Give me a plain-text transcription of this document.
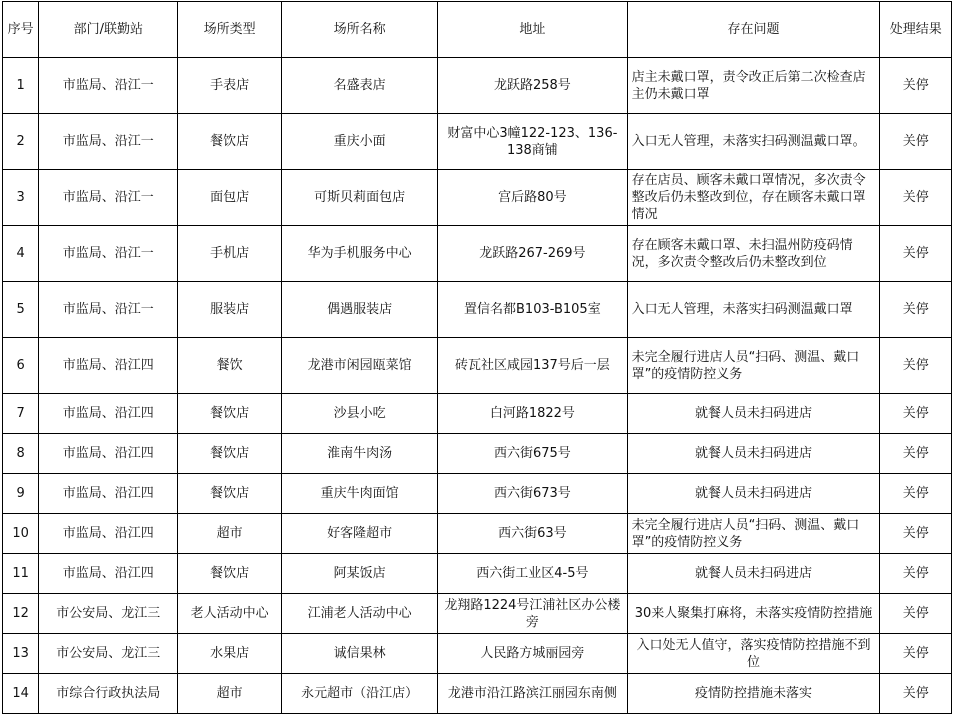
序号	部门/联勤站	场所类型	场所名称	地址	存在问题	处理结果
1	市监局、沿江一	手表店	名盛表店	龙跃路258号	店主未戴口罩，责令改正后第二次检查店主仍未戴口罩	关停
2	市监局、沿江一	餐饮店	重庆小面	财富中心3幢122-123、136-138商铺	入口无人管理，未落实扫码测温戴口罩。	关停
3	市监局、沿江一	面包店	可斯贝莉面包店	宫后路80号	存在店员、顾客未戴口罩情况，多次责令整改后仍未整改到位，存在顾客未戴口罩情况	关停
4	市监局、沿江一	手机店	华为手机服务中心	龙跃路267-269号	存在顾客未戴口罩、未扫温州防疫码情况，多次责令整改后仍未整改到位	关停
5	市监局、沿江一	服装店	偶遇服装店	置信名都B103-B105室	入口无人管理，未落实扫码测温戴口罩	关停
6	市监局、沿江四	餐饮	龙港市闲园瓯菜馆	砖瓦社区咸园137号后一层	未完全履行进店人员“扫码、测温、戴口罩”的疫情防控义务	关停
7	市监局、沿江四	餐饮店	沙县小吃	白河路1822号	就餐人员未扫码进店	关停
8	市监局、沿江四	餐饮店	淮南牛肉汤	西六街675号	就餐人员未扫码进店	关停
9	市监局、沿江四	餐饮店	重庆牛肉面馆	西六街673号	就餐人员未扫码进店	关停
10	市监局、沿江四	超市	好客隆超市	西六街63号	未完全履行进店人员“扫码、测温、戴口罩”的疫情防控义务	关停
11	市监局、沿江四	餐饮店	阿某饭店	西六街工业区4-5号	就餐人员未扫码进店	关停
12	市公安局、龙江三	老人活动中心	江浦老人活动中心	龙翔路1224号江浦社区办公楼旁	30来人聚集打麻将，未落实疫情防控措施	关停
13	市公安局、龙江三	水果店	诚信果林	人民路方城丽园旁	入口处无人值守，落实疫情防控措施不到位	关停
14	市综合行政执法局	超市	永元超市（沿江店）	龙港市沿江路滨江丽园东南侧	疫情防控措施未落实	关停
